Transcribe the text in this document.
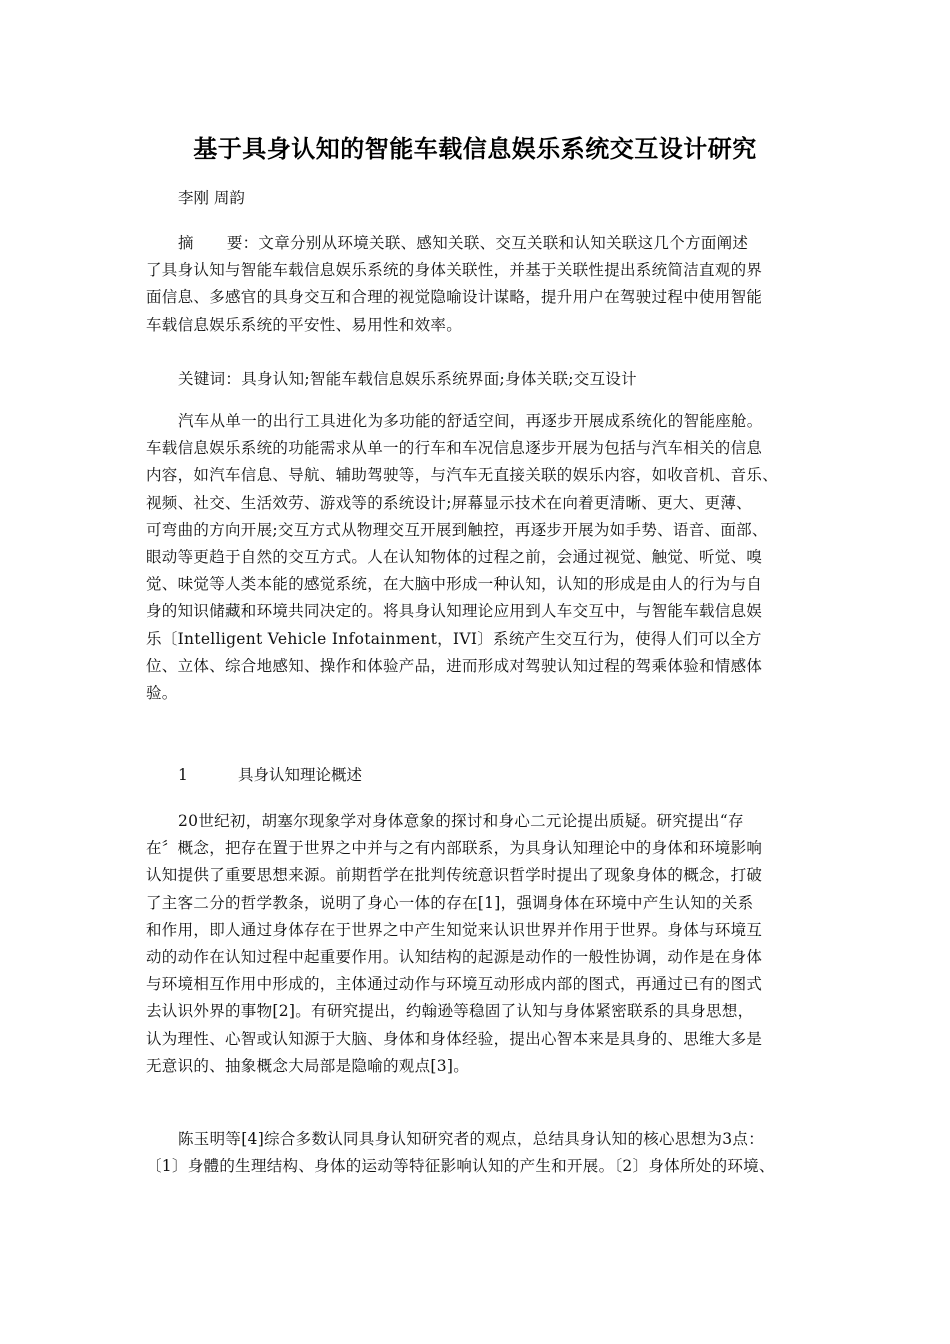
基于具身认知的智能车载信息娱乐系统交互设计研究
李刚 周韵
摘 要：文章分别从环境关联、感知关联、交互关联和认知关联这几个方面阐述
了具身认知与智能车载信息娱乐系统的身体关联性，并基于关联性提出系统简洁直观的界
面信息、多感官的具身交互和合理的视觉隐喻设计谋略，提升用户在驾驶过程中使用智能
车载信息娱乐系统的平安性、易用性和效率。
关键词：具身认知;智能车载信息娱乐系统界面;身体关联;交互设计
汽车从单一的出行工具进化为多功能的舒适空间，再逐步开展成系统化的智能座舱。
车载信息娱乐系统的功能需求从单一的行车和车况信息逐步开展为包括与汽车相关的信息
内容，如汽车信息、导航、辅助驾驶等，与汽车无直接关联的娱乐内容，如收音机、音乐、
视频、社交、生活效劳、游戏等的系统设计;屏幕显示技术在向着更清晰、更大、更薄、
可弯曲的方向开展;交互方式从物理交互开展到触控，再逐步开展为如手势、语音、面部、
眼动等更趋于自然的交互方式。人在认知物体的过程之前，会通过视觉、触觉、听觉、嗅
觉、味觉等人类本能的感觉系统，在大脑中形成一种认知，认知的形成是由人的行为与自
身的知识储藏和环境共同决定的。将具身认知理论应用到人车交互中，与智能车载信息娱
乐〔Intelligent Vehicle Infotainment，IVI〕系统产生交互行为，使得人们可以全方
位、立体、综合地感知、操作和体验产品，进而形成对驾驶认知过程的驾乘体验和情感体
验。
1	具身认知理论概述
20世纪初，胡塞尔现象学对身体意象的探讨和身心二元论提出质疑。研究提出“存
在〞概念，把存在置于世界之中并与之有内部联系，为具身认知理论中的身体和环境影响
认知提供了重要思想来源。前期哲学在批判传统意识哲学时提出了现象身体的概念，打破
了主客二分的哲学教条，说明了身心一体的存在[1]，强调身体在环境中产生认知的关系
和作用，即人通过身体存在于世界之中产生知觉来认识世界并作用于世界。身体与环境互
动的动作在认知过程中起重要作用。认知结构的起源是动作的一般性协调，动作是在身体
与环境相互作用中形成的，主体通过动作与环境互动形成内部的图式，再通过已有的图式
去认识外界的事物[2]。有研究提出，约翰逊等稳固了认知与身体紧密联系的具身思想，
认为理性、心智或认知源于大脑、身体和身体经验，提出心智本来是具身的、思维大多是
无意识的、抽象概念大局部是隐喻的观点[3]。
陈玉明等[4]综合多数认同具身认知研究者的观点，总结具身认知的核心思想为3点：
〔1〕身體的生理结构、身体的运动等特征影响认知的产生和开展。〔2〕身体所处的环境、
